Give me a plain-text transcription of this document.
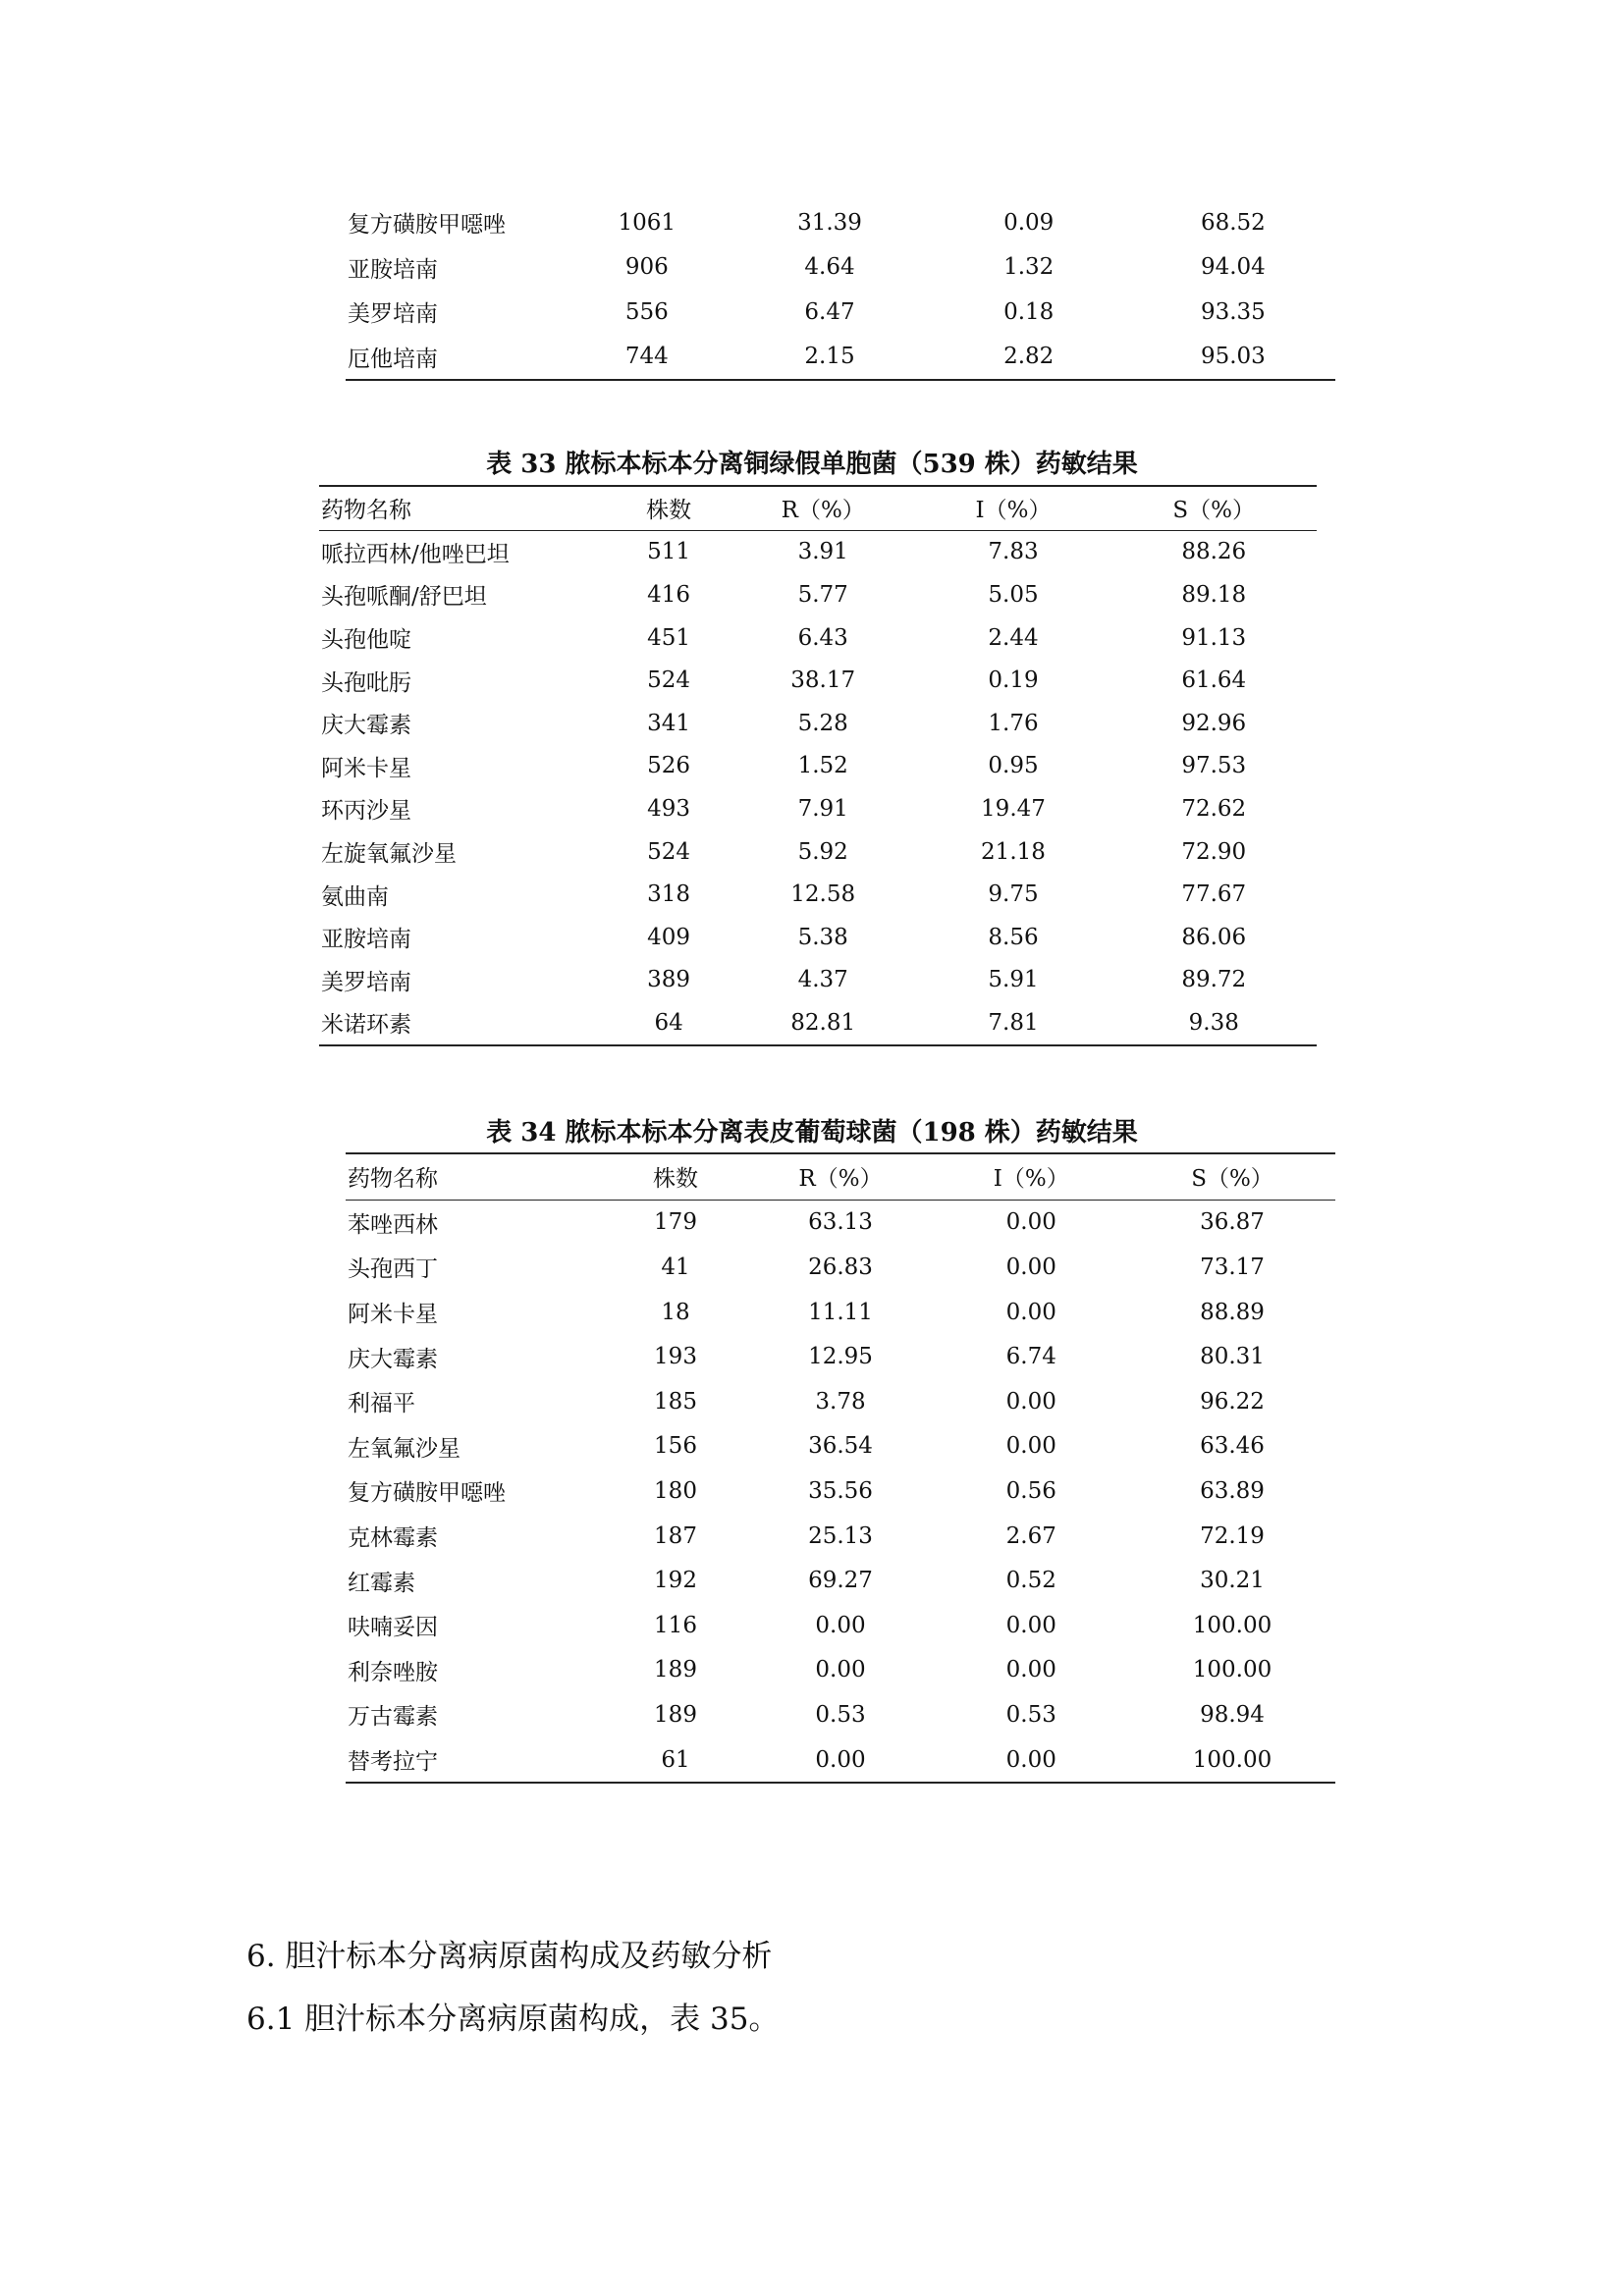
复方磺胺甲噁唑	1061	31.39	0.09	68.52
亚胺培南	906	4.64	1.32	94.04
美罗培南	556	6.47	0.18	93.35
厄他培南	744	2.15	2.82	95.03
表 33 脓标本标本分离铜绿假单胞菌（539 株）药敏结果
药物名称	株数	R（%）	I（%）	S（%）
哌拉西林/他唑巴坦	511	3.91	7.83	88.26
头孢哌酮/舒巴坦	416	5.77	5.05	89.18
头孢他啶	451	6.43	2.44	91.13
头孢吡肟	524	38.17	0.19	61.64
庆大霉素	341	5.28	1.76	92.96
阿米卡星	526	1.52	0.95	97.53
环丙沙星	493	7.91	19.47	72.62
左旋氧氟沙星	524	5.92	21.18	72.90
氨曲南	318	12.58	9.75	77.67
亚胺培南	409	5.38	8.56	86.06
美罗培南	389	4.37	5.91	89.72
米诺环素	64	82.81	7.81	9.38
表 34 脓标本标本分离表皮葡萄球菌（198 株）药敏结果
药物名称	株数	R（%）	I（%）	S（%）
苯唑西林	179	63.13	0.00	36.87
头孢西丁	41	26.83	0.00	73.17
阿米卡星	18	11.11	0.00	88.89
庆大霉素	193	12.95	6.74	80.31
利福平	185	3.78	0.00	96.22
左氧氟沙星	156	36.54	0.00	63.46
复方磺胺甲噁唑	180	35.56	0.56	63.89
克林霉素	187	25.13	2.67	72.19
红霉素	192	69.27	0.52	30.21
呋喃妥因	116	0.00	0.00	100.00
利奈唑胺	189	0.00	0.00	100.00
万古霉素	189	0.53	0.53	98.94
替考拉宁	61	0.00	0.00	100.00
6. 胆汁标本分离病原菌构成及药敏分析
6.1 胆汁标本分离病原菌构成，表 35。
